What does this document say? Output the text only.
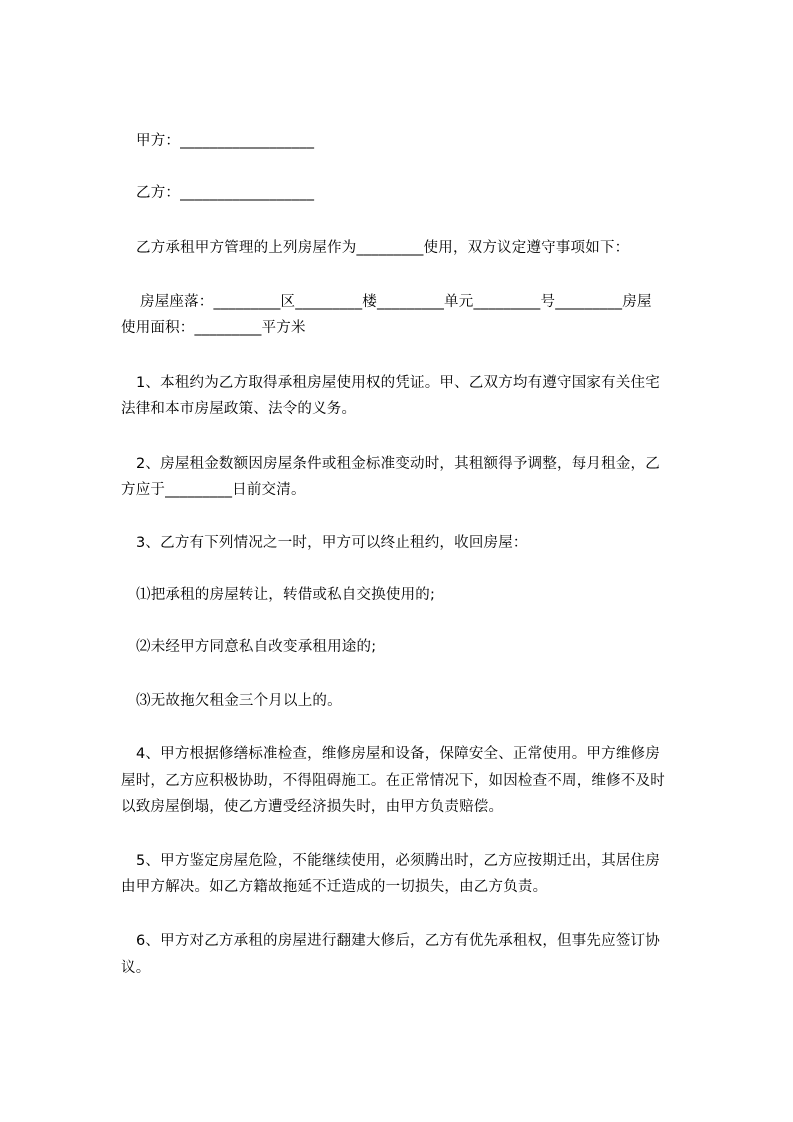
甲方：__________________
乙方：__________________
乙方承租甲方管理的上列房屋作为_________使用，双方议定遵守事项如下：
房屋座落：_________区_________楼_________单元_________号_________房屋
使用面积：_________平方米
1、本租约为乙方取得承租房屋使用权的凭证。甲、乙双方均有遵守国家有关住宅
法律和本市房屋政策、法令的义务。
2、房屋租金数额因房屋条件或租金标准变动时，其租额得予调整，每月租金，乙
方应于_________日前交清。
3、乙方有下列情况之一时，甲方可以终止租约，收回房屋：
⑴把承租的房屋转让，转借或私自交换使用的;
⑵未经甲方同意私自改变承租用途的;
⑶无故拖欠租金三个月以上的。
4、甲方根据修缮标准检查，维修房屋和设备，保障安全、正常使用。甲方维修房
屋时，乙方应积极协助，不得阻碍施工。在正常情况下，如因检查不周，维修不及时
以致房屋倒塌，使乙方遭受经济损失时，由甲方负责赔偿。
5、甲方鉴定房屋危险，不能继续使用，必须腾出时，乙方应按期迁出，其居住房
由甲方解决。如乙方籍故拖延不迁造成的一切损失，由乙方负责。
6、甲方对乙方承租的房屋进行翻建大修后，乙方有优先承租权，但事先应签订协
议。
